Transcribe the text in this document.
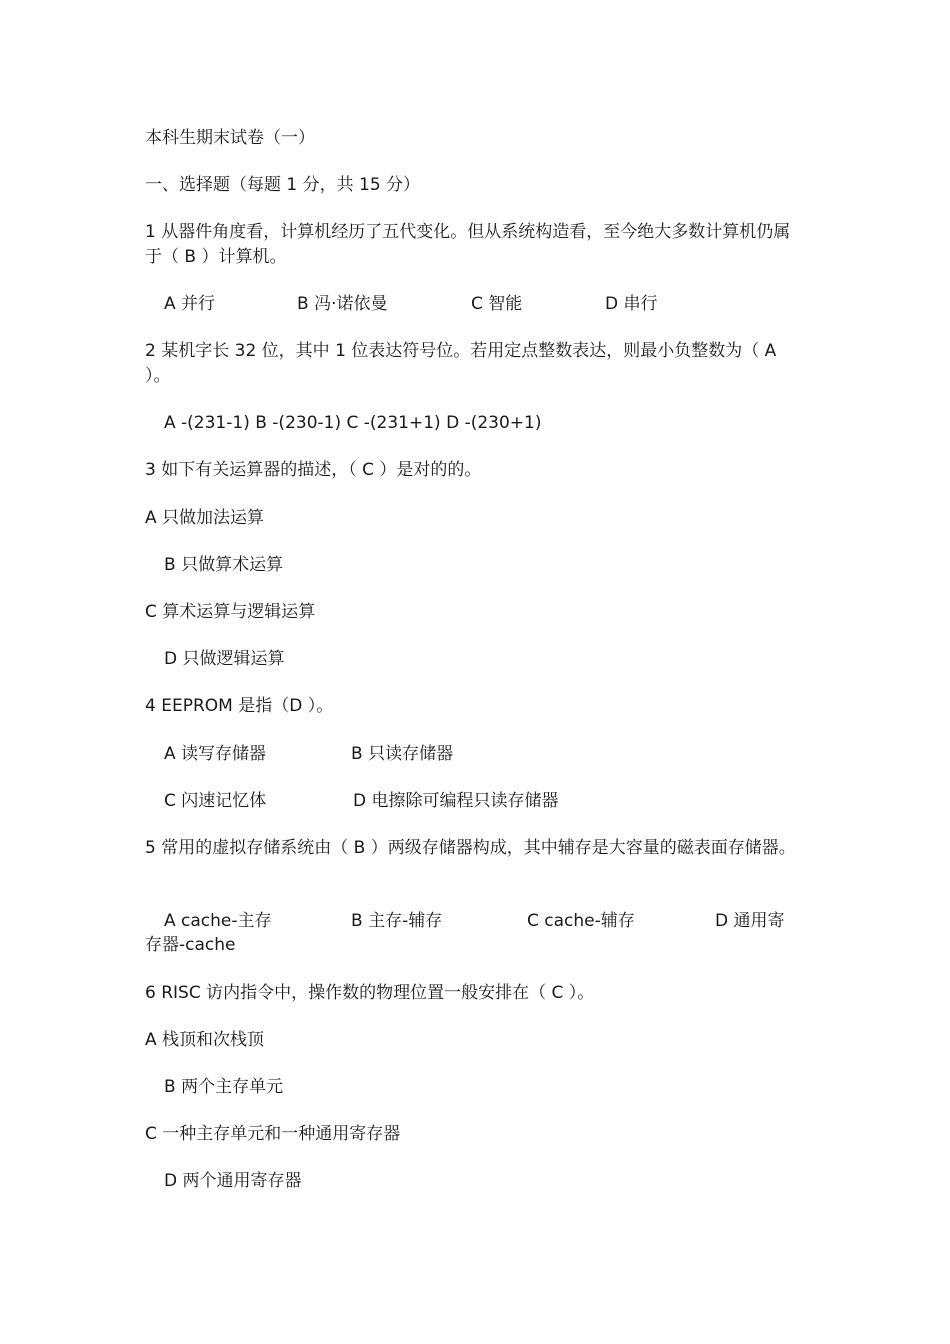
本科生期末试卷（一）
一、选择题（每题 1 分，共 15 分）
1 从器件角度看，计算机经历了五代变化。但从系统构造看，至今绝大多数计算机仍属于（ B ）计算机。
A 并行	B 冯·诺依曼	C 智能	D 串行
2 某机字长 32 位，其中 1 位表达符号位。若用定点整数表达，则最小负整数为（ A ）。
A -(231-1) B -(230-1) C -(231+1) D -(230+1)
3 如下有关运算器的描述，（ C ）是对的的。
A 只做加法运算
B 只做算术运算
C 算术运算与逻辑运算
D 只做逻辑运算
4 EEPROM 是指（D ）。
A 读写存储器	B 只读存储器
C 闪速记忆体	D 电擦除可编程只读存储器
5 常用的虚拟存储系统由（ B ）两级存储器构成，其中辅存是大容量的磁表面存储器。
A cache-主存	B 主存-辅存	C cache-辅存	D 通用寄
存器-cache
6 RISC 访内指令中，操作数的物理位置一般安排在（ C ）。
A 栈顶和次栈顶
B 两个主存单元
C 一种主存单元和一种通用寄存器
D 两个通用寄存器
